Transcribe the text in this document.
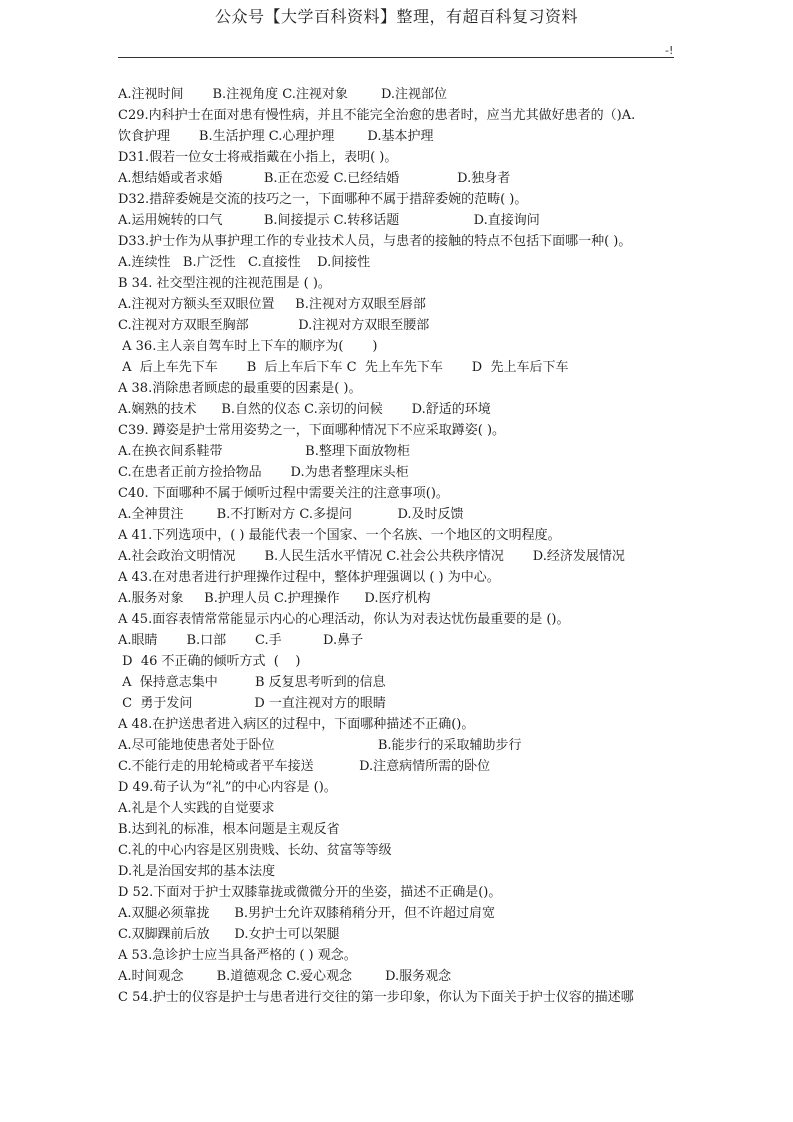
公众号【大学百科资料】整理，有超百科复习资料
-!
A.注视时间       B.注视角度 C.注视对象        D.注视部位
C29.内科护士在面对患有慢性病，并且不能完全治愈的患者时，应当尤其做好患者的（)A.
饮食护理       B.生活护理 C.心理护理        D.基本护理
D31.假若一位女士将戒指戴在小指上，表明( )。
A.想结婚或者求婚          B.正在恋爱 C.已经结婚              D.独身者
D32.措辞委婉是交流的技巧之一，下面哪种不属于措辞委婉的范畴( )。
A.运用婉转的口气          B.间接提示 C.转移话题                  D.直接询问
D33.护士作为从事护理工作的专业技术人员，与患者的接触的特点不包括下面哪一种( )。
A.连续性   B.广泛性   C.直接性    D.间接性
B 34. 社交型注视的注视范围是 ( )。
A.注视对方额头至双眼位置     B.注视对方双眼至唇部
C.注视对方双眼至胸部            D.注视对方双眼至腰部
A 36.主人亲自驾车时上下车的顺序为(       )
A  后上车先下车       B  后上车后下车 C  先上车先下车       D  先上车后下车
A 38.消除患者顾虑的最重要的因素是( )。
A.娴熟的技术      B.自然的仪态 C.亲切的问候       D.舒适的环境
C39. 蹲姿是护士常用姿势之一，下面哪种情况下不应采取蹲姿( )。
A.在换衣间系鞋带                    B.整理下面放物柜
C.在患者正前方捡拾物品       D.为患者整理床头柜
C40. 下面哪种不属于倾听过程中需要关注的注意事项()。
A.全神贯注        B.不打断对方 C.多提问           D.及时反馈
A 41.下列选项中，( ) 最能代表一个国家、一个名族、一个地区的文明程度。
A.社会政治文明情况       B.人民生活水平情况 C.社会公共秩序情况       D.经济发展情况
A 43.在对患者进行护理操作过程中，整体护理强调以 ( ) 为中心。
A.服务对象     B.护理人员 C.护理操作      D.医疗机构
A 45.面容表情常常能显示内心的心理活动，你认为对表达忧伤最重要的是 ()。
A.眼睛       B.口部       C.手          D.鼻子
D  46 不正确的倾听方式  (    )
A  保持意志集中         B 反复思考听到的信息
C  勇于发问               D 一直注视对方的眼睛
A 48.在护送患者进入病区的过程中，下面哪种描述不正确()。
A.尽可能地使患者处于卧位                         B.能步行的采取辅助步行
C.不能行走的用轮椅或者平车接送           D.注意病情所需的卧位
D 49.荀子认为“礼”的中心内容是 ()。
A.礼是个人实践的自觉要求
B.达到礼的标准，根本问题是主观反省
C.礼的中心内容是区别贵贱、长幼、贫富等等级
D.礼是治国安邦的基本法度
D 52.下面对于护士双膝靠拢或微微分开的坐姿，描述不正确是()。
A.双腿必须靠拢      B.男护士允许双膝稍稍分开，但不许超过肩宽
C.双脚踝前后放      D.女护士可以架腿
A 53.急诊护士应当具备严格的 ( ) 观念。
A.时间观念        B.道德观念 C.爱心观念        D.服务观念
C 54.护士的仪容是护士与患者进行交往的第一步印象，你认为下面关于护士仪容的描述哪
